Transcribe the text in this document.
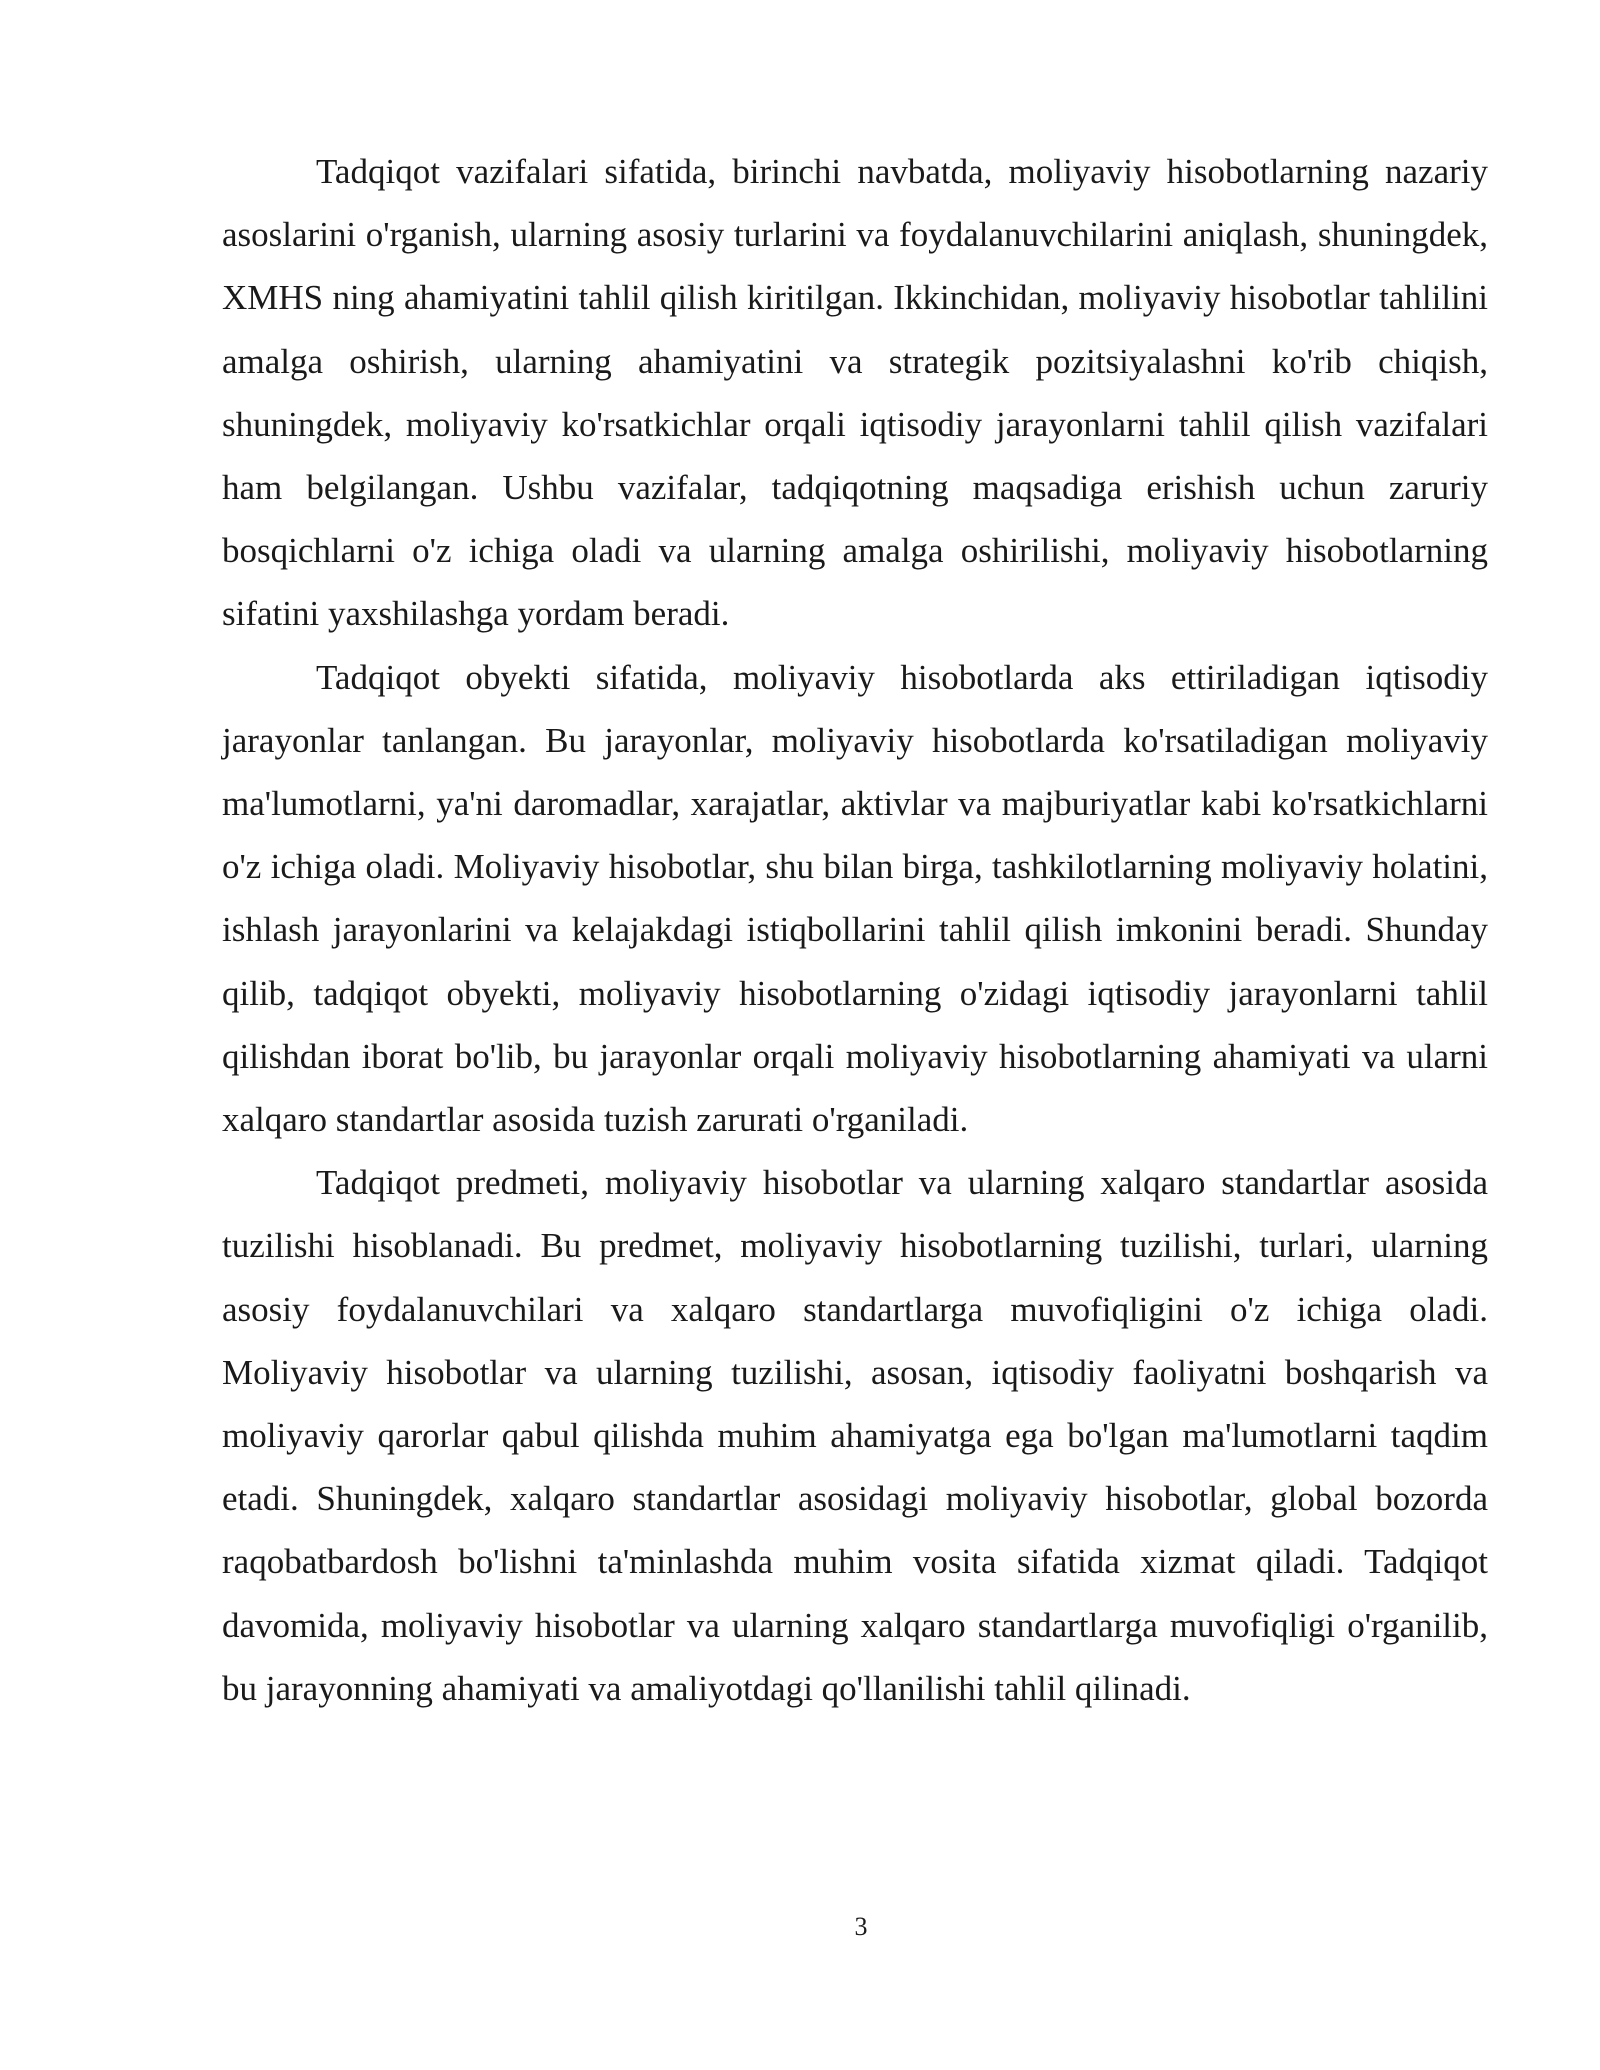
Tadqiqot vazifalari sifatida, birinchi navbatda, moliyaviy hisobotlarning nazariy asoslarini o'rganish, ularning asosiy turlarini va foydalanuvchilarini aniqlash, shuningdek, XMHS ning ahamiyatini tahlil qilish kiritilgan. Ikkinchidan, moliyaviy hisobotlar tahlilini amalga oshirish, ularning ahamiyatini va strategik pozitsiyalashni ko'rib chiqish, shuningdek, moliyaviy ko'rsatkichlar orqali iqtisodiy jarayonlarni tahlil qilish vazifalari ham belgilangan. Ushbu vazifalar, tadqiqotning maqsadiga erishish uchun zaruriy bosqichlarni o'z ichiga oladi va ularning amalga oshirilishi, moliyaviy hisobotlarning sifatini yaxshilashga yordam beradi.

Tadqiqot obyekti sifatida, moliyaviy hisobotlarda aks ettiriladigan iqtisodiy jarayonlar tanlangan. Bu jarayonlar, moliyaviy hisobotlarda ko'rsatiladigan moliyaviy ma'lumotlarni, ya'ni daromadlar, xarajatlar, aktivlar va majburiyatlar kabi ko'rsatkichlarni o'z ichiga oladi. Moliyaviy hisobotlar, shu bilan birga, tashkilotlarning moliyaviy holatini, ishlash jarayonlarini va kelajakdagi istiqbollarini tahlil qilish imkonini beradi. Shunday qilib, tadqiqot obyekti, moliyaviy hisobotlarning o'zidagi iqtisodiy jarayonlarni tahlil qilishdan iborat bo'lib, bu jarayonlar orqali moliyaviy hisobotlarning ahamiyati va ularni xalqaro standartlar asosida tuzish zarurati o'rganiladi.

Tadqiqot predmeti, moliyaviy hisobotlar va ularning xalqaro standartlar asosida tuzilishi hisoblanadi. Bu predmet, moliyaviy hisobotlarning tuzilishi, turlari, ularning asosiy foydalanuvchilari va xalqaro standartlarga muvofiqligini o'z ichiga oladi. Moliyaviy hisobotlar va ularning tuzilishi, asosan, iqtisodiy faoliyatni boshqarish va moliyaviy qarorlar qabul qilishda muhim ahamiyatga ega bo'lgan ma'lumotlarni taqdim etadi. Shuningdek, xalqaro standartlar asosidagi moliyaviy hisobotlar, global bozorda raqobatbardosh bo'lishni ta'minlashda muhim vosita sifatida xizmat qiladi. Tadqiqot davomida, moliyaviy hisobotlar va ularning xalqaro standartlarga muvofiqligi o'rganilib, bu jarayonning ahamiyati va amaliyotdagi qo'llanilishi tahlil qilinadi.

3
